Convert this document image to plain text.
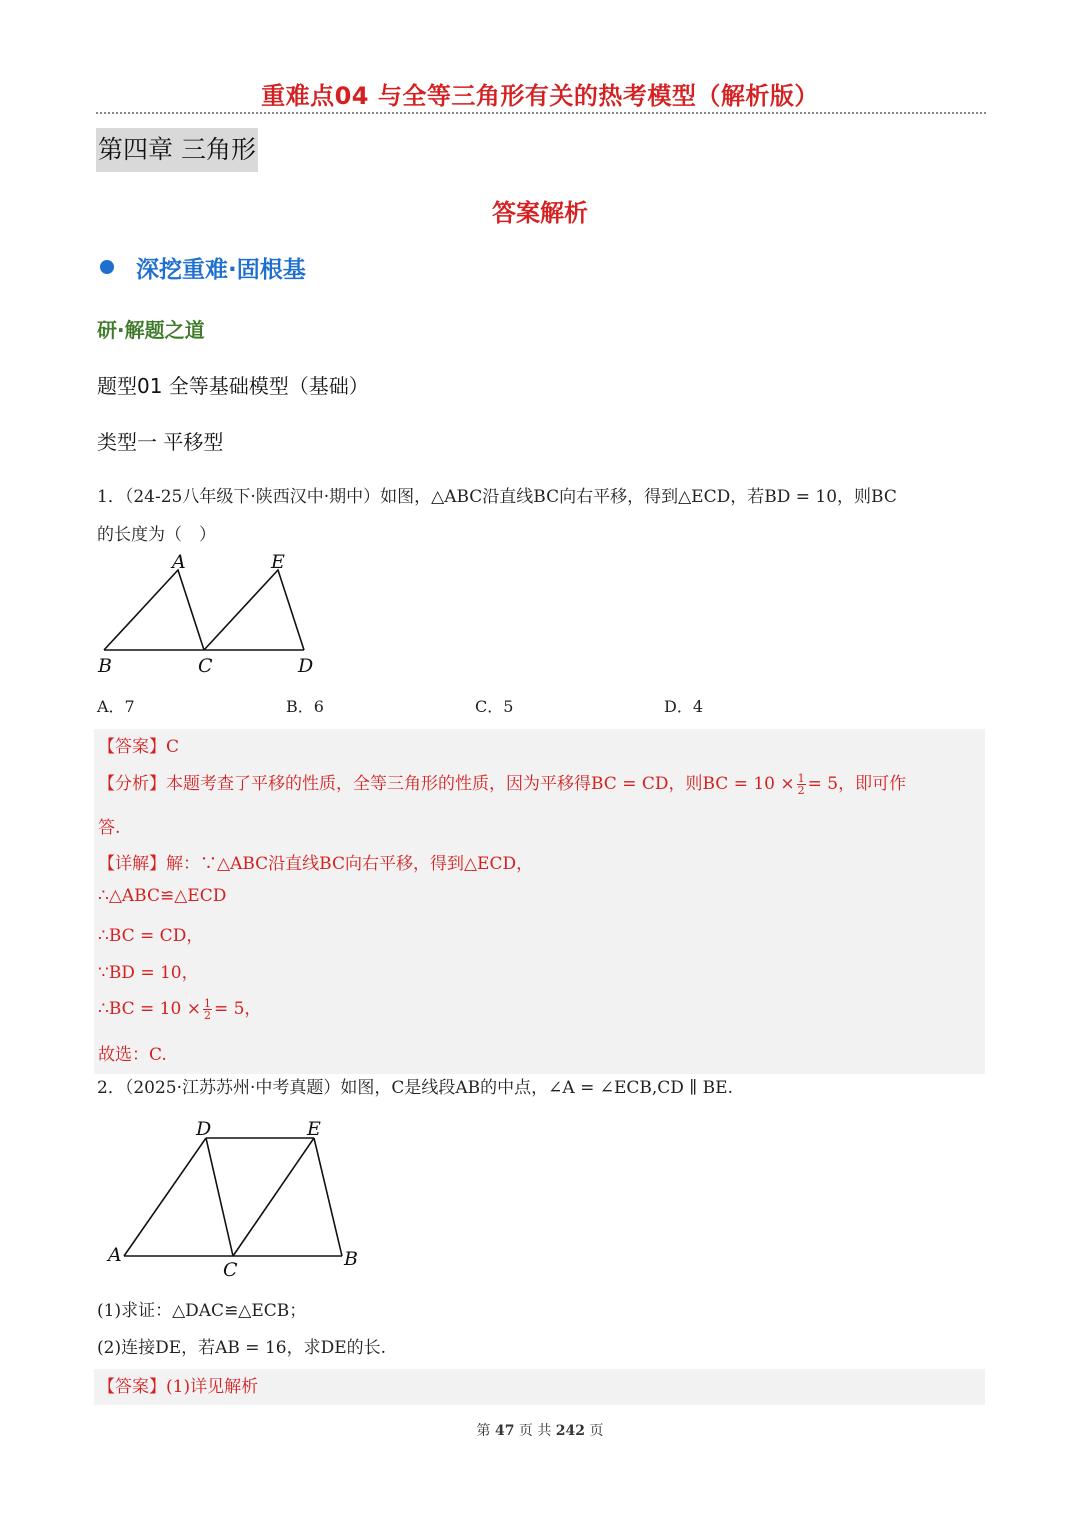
重难点04 与全等三角形有关的热考模型（解析版）
第四章 三角形
答案解析
深挖重难·固根基
研·解题之道
题型01 全等基础模型（基础）
类型一 平移型
1．（24-25八年级下·陕西汉中·期中）如图，△ABC沿直线BC向右平移，得到△ECD，若BD = 10，则BC
的长度为（　）
A	E
B	C	D
A．7	B．6	C．5	D．4
【答案】C
【分析】本题考查了平移的性质，全等三角形的性质，因为平移得BC = CD，则BC = $10 \times \frac{1}{2} = 5$，即可作
答.
【详解】解：∵△ABC沿直线BC向右平移，得到△ECD，
∴△ABC≌△ECD
∴BC = CD，
∵BD = 10，
∴BC = $10 \times \frac{1}{2} = 5$，
故选：C.
2．（2025·江苏苏州·中考真题）如图，C是线段AB的中点，∠A = ∠ECB,CD ∥ BE.
D	E
A
C	B
(1)求证：△DAC≌△ECB；
(2)连接DE，若AB = 16，求DE的长.
【答案】(1)详见解析
第 47 页 共 242 页
